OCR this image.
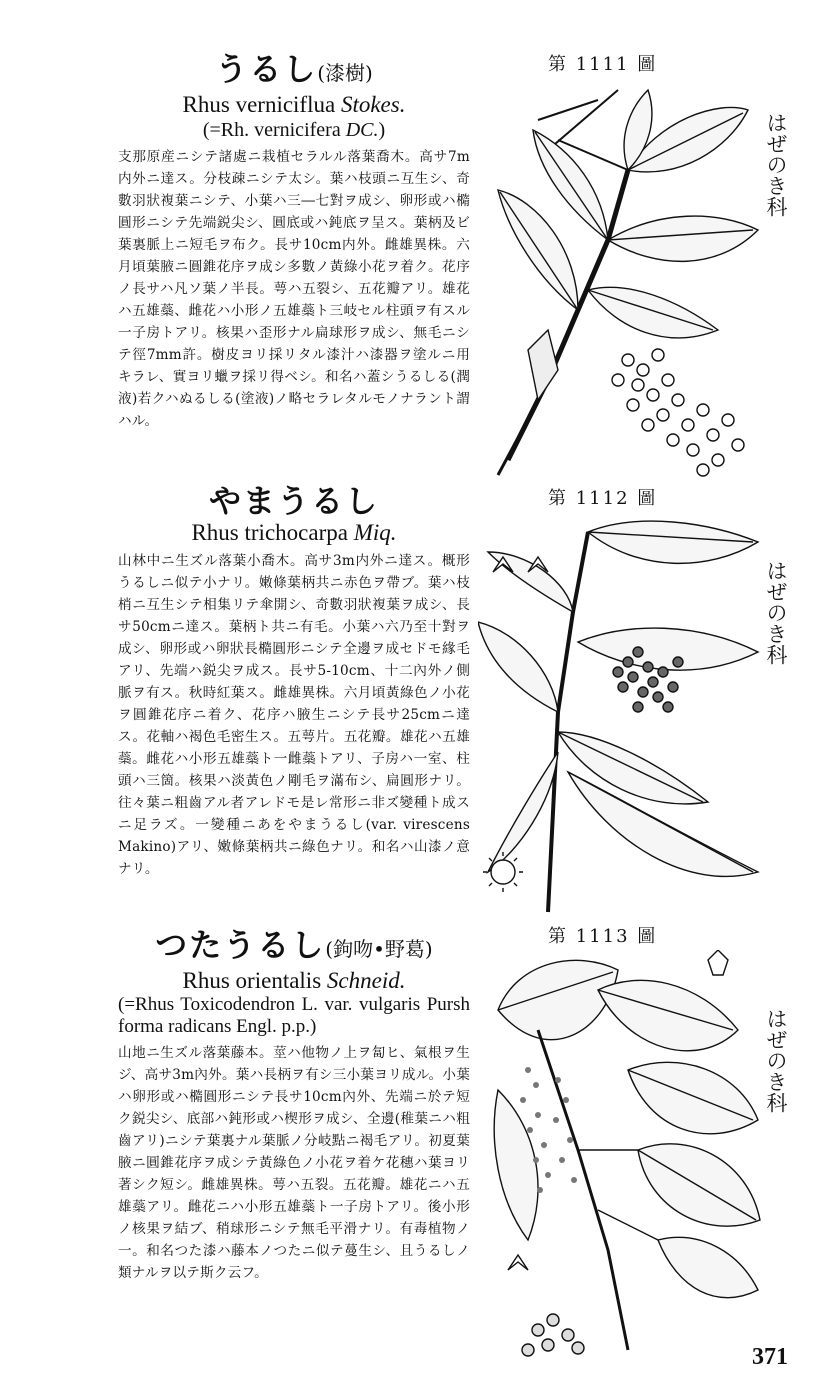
うるし(漆樹)
Rhus verniciflua Stokes.
(=Rh. vernicifera DC.)
支那原産ニシテ諸處ニ栽植セラルル落葉喬木。高サ7m内外ニ達ス。分枝疎ニシテ太シ。葉ハ枝頭ニ互生シ、奇數羽狀複葉ニシテ、小葉ハ三―七對ヲ成シ、卵形或ハ橢圓形ニシテ先端鋭尖シ、圓底或ハ鈍底ヲ呈ス。葉柄及ビ葉裏脈上ニ短毛ヲ布ク。長サ10cm内外。雌雄異株。六月頃葉腋ニ圓錐花序ヲ成シ多數ノ黃綠小花ヲ着ク。花序ノ長サハ凡ソ葉ノ半長。萼ハ五裂シ、五花瓣アリ。雄花ハ五雄蘂、雌花ハ小形ノ五雄蘂ト三岐セル柱頭ヲ有スル一子房トアリ。核果ハ歪形ナル扁球形ヲ成シ、無毛ニシテ徑7mm許。樹皮ヨリ採リタル漆汁ハ漆器ヲ塗ルニ用キラレ、實ヨリ蠟ヲ採リ得ベシ。和名ハ蓋シうるしる(潤液)若クハぬるしる(塗液)ノ略セラレタルモノナラント謂ハル。
やまうるし
Rhus trichocarpa Miq.
山林中ニ生ズル落葉小喬木。高サ3m内外ニ達ス。概形うるしニ似テ小ナリ。嫩條葉柄共ニ赤色ヲ帶ブ。葉ハ枝梢ニ互生シテ相集リテ傘開シ、奇數羽狀複葉ヲ成シ、長サ50cmニ達ス。葉柄ト共ニ有毛。小葉ハ六乃至十對ヲ成シ、卵形或ハ卵狀長橢圓形ニシテ全邊ヲ成セドモ緣毛アリ、先端ハ鋭尖ヲ成ス。長サ5-10cm、十二內外ノ側脈ヲ有ス。秋時紅葉ス。雌雄異株。六月頃黃綠色ノ小花ヲ圓錐花序ニ着ク、花序ハ腋生ニシテ長サ25cmニ達ス。花軸ハ褐色毛密生ス。五萼片。五花瓣。雄花ハ五雄蘂。雌花ハ小形五雄蘂ト一雌蘂トアリ、子房ハ一室、柱頭ハ三箇。核果ハ淡黃色ノ剛毛ヲ滿布シ、扁圓形ナリ。往々葉ニ粗齒アル者アレドモ是レ常形ニ非ズ變種ト成スニ足ラズ。一變種ニあをやまうるし(var. virescens Makino)アリ、嫩條葉柄共ニ綠色ナリ。和名ハ山漆ノ意ナリ。
つたうるし(鉤吻•野葛)
Rhus orientalis Schneid.
(=Rhus Toxicodendron L. var. vulgaris Pursh forma radicans Engl. p.p.)
山地ニ生ズル落葉藤本。莖ハ他物ノ上ヲ匐ヒ、氣根ヲ生ジ、高サ3m內外。葉ハ長柄ヲ有シ三小葉ヨリ成ル。小葉ハ卵形或ハ橢圓形ニシテ長サ10cm內外、先端ニ於テ短ク鋭尖シ、底部ハ鈍形或ハ楔形ヲ成シ、全邊(稚葉ニハ粗齒アリ)ニシテ葉裏ナル葉脈ノ分岐點ニ褐毛アリ。初夏葉腋ニ圓錐花序ヲ成シテ黃綠色ノ小花ヲ着ケ花穗ハ葉ヨリ著シク短シ。雌雄異株。萼ハ五裂。五花瓣。雄花ニハ五雄蘂アリ。雌花ニハ小形五雄蘂ト一子房トアリ。後小形ノ核果ヲ結ブ、稍球形ニシテ無毛平滑ナリ。有毒植物ノ一。和名つた漆ハ藤本ノつたニ似テ蔓生シ、且うるしノ類ナルヲ以テ斯ク云フ。
第 1111 圖
第 1112 圖
第 1113 圖
はぜのき科
はぜのき科
はぜのき科
371
